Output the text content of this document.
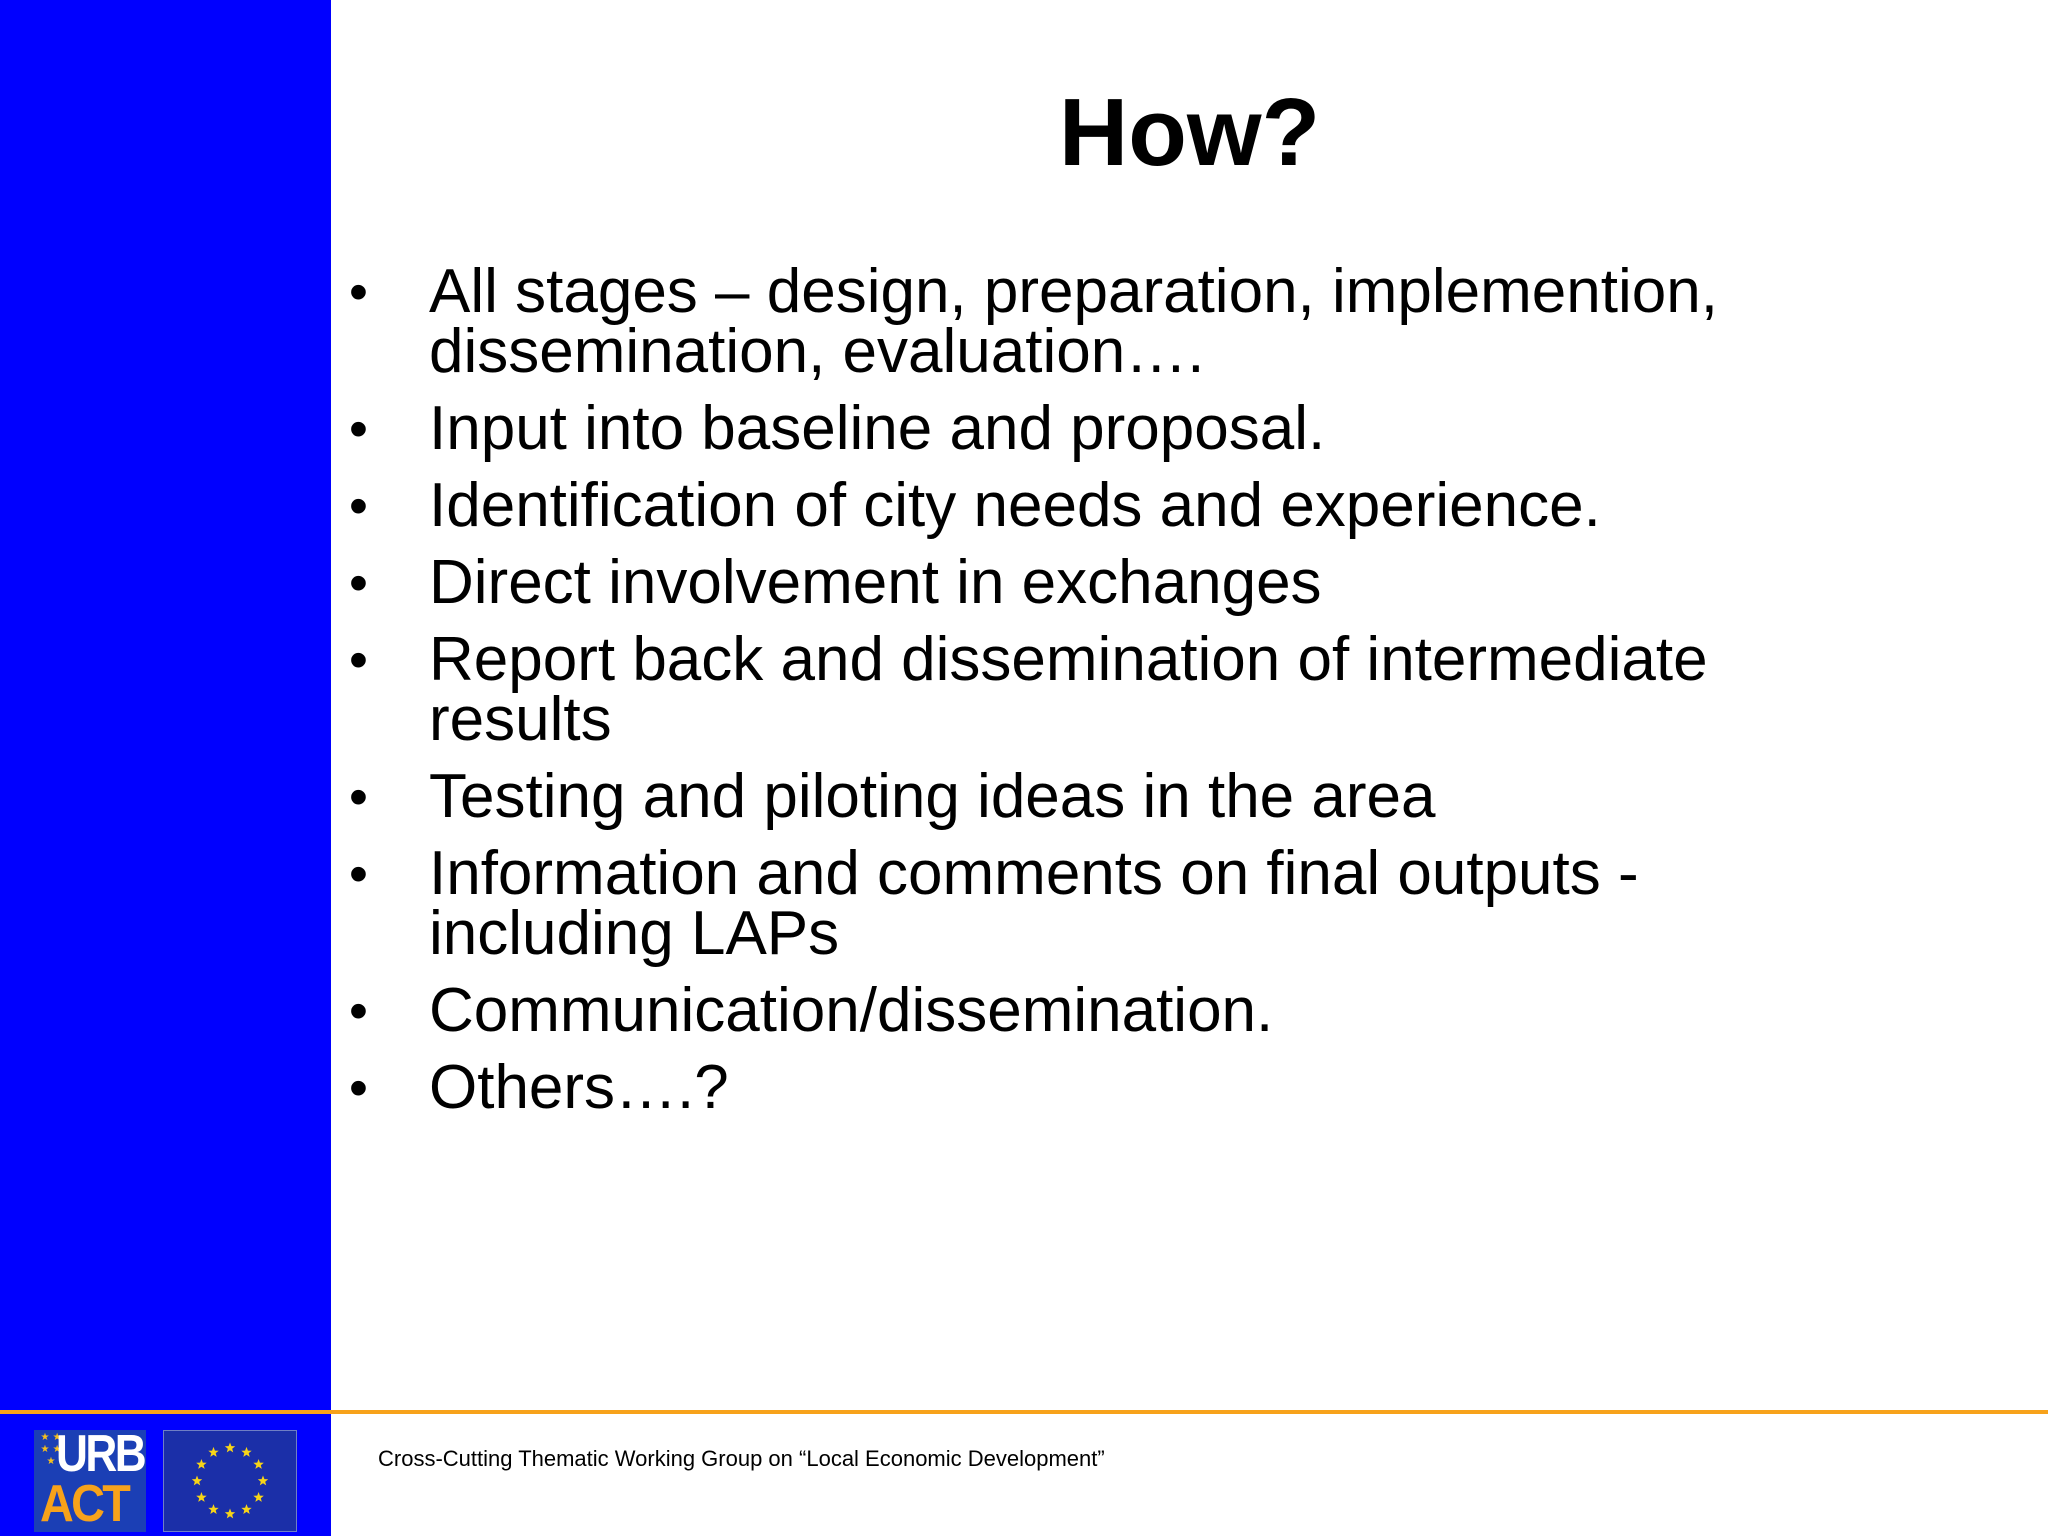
How?
• All stages – design, preparation, implemention,
dissemination, evaluation….
• Input into baseline and proposal.
• Identification of city needs and experience.
• Direct involvement in exchanges
• Report back and dissemination of intermediate
results
• Testing and piloting ideas in the area
• Information and comments on final outputs -
including LAPs
• Communication/dissemination.
• Others….?
★ ★ ★ ★ ★ URB
ACT
Cross-Cutting Thematic Working Group on “Local Economic Development”
